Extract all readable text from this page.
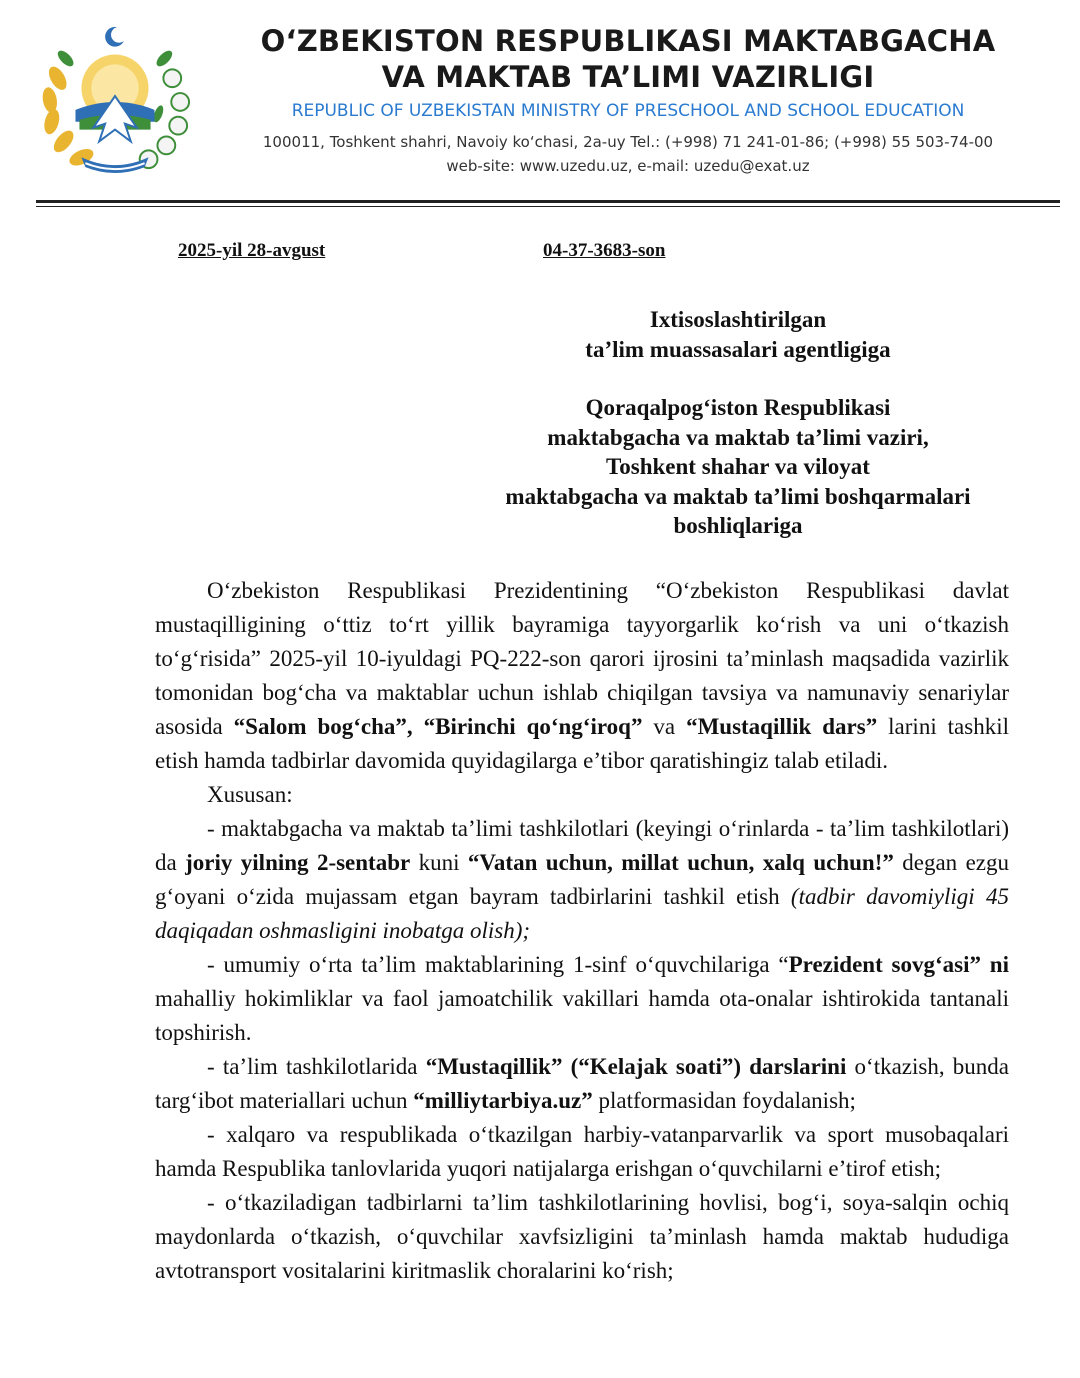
O‘ZBEKISTON RESPUBLIKASI MAKTABGACHA
VA MAKTAB TA’LIMI VAZIRLIGI
REPUBLIC OF UZBEKISTAN MINISTRY OF PRESCHOOL AND SCHOOL EDUCATION
100011, Toshkent shahri, Navoiy ko‘chasi, 2a-uy Tel.: (+998) 71 241-01-86; (+998) 55 503-74-00
web-site: www.uzedu.uz, e-mail: uzedu@exat.uz
2025-yil 28-avgust	04-37-3683-son
Ixtisoslashtirilgan
ta’lim muassasalari agentligiga
Qoraqalpog‘iston Respublikasi
maktabgacha va maktab ta’limi vaziri,
Toshkent shahar va viloyat
maktabgacha va maktab ta’limi boshqarmalari
boshliqlariga

O‘zbekiston Respublikasi Prezidentining “O‘zbekiston Respublikasi davlat mustaqilligining o‘ttiz to‘rt yillik bayramiga tayyorgarlik ko‘rish va uni o‘tkazish to‘g‘risida” 2025-yil 10-iyuldagi PQ-222-son qarori ijrosini ta’minlash maqsadida vazirlik tomonidan bog‘cha va maktablar uchun ishlab chiqilgan tavsiya va namunaviy senariylar asosida “Salom bog‘cha”, “Birinchi qo‘ng‘iroq” va “Mustaqillik dars” larini tashkil etish hamda tadbirlar davomida quyidagilarga e’tibor qaratishingiz talab etiladi.

Xususan:

- maktabgacha va maktab ta’limi tashkilotlari (keyingi o‘rinlarda - ta’lim tashkilotlari) da joriy yilning 2-sentabr kuni “Vatan uchun, millat uchun, xalq uchun!” degan ezgu g‘oyani o‘zida mujassam etgan bayram tadbirlarini tashkil etish (tadbir davomiyligi 45 daqiqadan oshmasligini inobatga olish);

- umumiy o‘rta ta’lim maktablarining 1-sinf o‘quvchilariga “Prezident sovg‘asi” ni mahalliy hokimliklar va faol jamoatchilik vakillari hamda ota-onalar ishtirokida tantanali topshirish.

- ta’lim tashkilotlarida “Mustaqillik” (“Kelajak soati”) darslarini o‘tkazish, bunda targ‘ibot materiallari uchun “milliytarbiya.uz” platformasidan foydalanish;

- xalqaro va respublikada o‘tkazilgan harbiy-vatanparvarlik va sport musobaqalari hamda Respublika tanlovlarida yuqori natijalarga erishgan o‘quvchilarni e’tirof etish;

- o‘tkaziladigan tadbirlarni ta’lim tashkilotlarining hovlisi, bog‘i, soya-salqin ochiq maydonlarda o‘tkazish, o‘quvchilar xavfsizligini ta’minlash hamda maktab hududiga avtotransport vositalarini kiritmaslik choralarini ko‘rish;
